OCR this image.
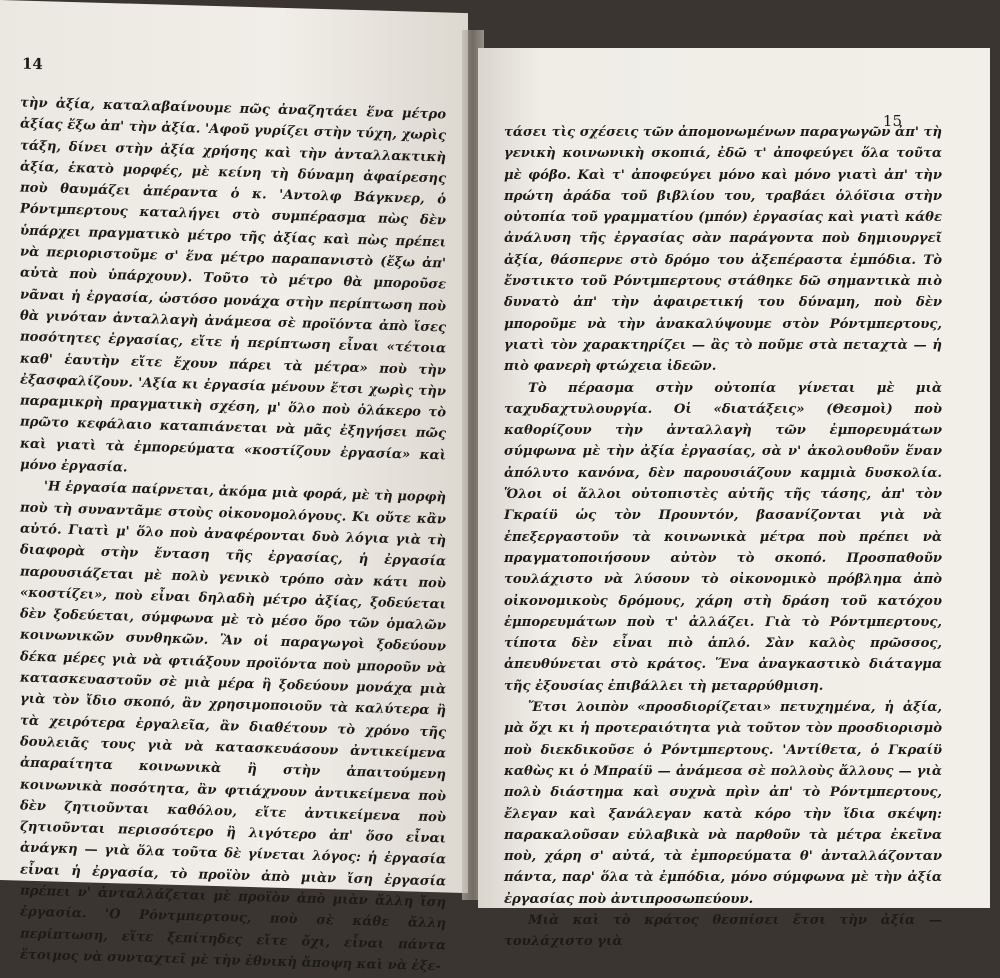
14

τὴν ἀξία, καταλαβαίνουμε πῶς ἀναζητάει ἕνα μέτρο ἀξίας ἔξω ἀπ' τὴν ἀξία. 'Αφοῦ γυρίζει στὴν τύχη, χωρὶς τάξη, δίνει στὴν ἀξία χρήσης καὶ τὴν ἀνταλλακτικὴ ἀξία, ἑκατὸ μορφές, μὲ κείνη τὴ δύναμη ἀφαίρεσης ποὺ θαυμάζει ἀπέραντα ὁ κ. 'Αντολφ Βάγκνερ, ὁ Ρόντμπερτους καταλήγει στὸ συμπέρασμα πὼς δὲν ὑπάρχει πραγματικὸ μέτρο τῆς ἀξίας καὶ πὼς πρέπει νὰ περιοριστοῦμε σ' ἕνα μέτρο παραπανιστὸ (ἔξω ἀπ' αὐτὰ ποὺ ὑπάρχουν). Τοῦτο τὸ μέτρο θὰ μποροῦσε νᾶναι ἡ ἐργασία, ὡστόσο μονάχα στὴν περίπτωση ποὺ θὰ γινόταν ἀνταλλαγὴ ἀνάμεσα σὲ προϊόντα ἀπὸ ἴσες ποσότητες ἐργασίας, εἴτε ἡ περίπτωση εἶναι «τέτοια καθ' ἑαυτὴν εἴτε ἔχουν πάρει τὰ μέτρα» ποὺ τὴν ἐξασφαλίζουν. 'Αξία κι ἐργασία μένουν ἔτσι χωρὶς τὴν παραμικρὴ πραγματικὴ σχέση, μ' ὅλο ποὺ ὁλάκερο τὸ πρῶτο κεφάλαιο καταπιάνεται νὰ μᾶς ἐξηγήσει πῶς καὶ γιατὶ τὰ ἐμπορεύματα «κοστίζουν ἐργασία» καὶ μόνο ἐργασία.

'Η ἐργασία παίρνεται, ἀκόμα μιὰ φορά, μὲ τὴ μορφὴ ποὺ τὴ συναντᾶμε στοὺς οἰκονομολόγους. Κι οὔτε κἂν αὐτό. Γιατὶ μ' ὅλο ποὺ ἀναφέρονται δυὸ λόγια γιὰ τὴ διαφορὰ στὴν ἔνταση τῆς ἐργασίας, ἡ ἐργασία παρουσιάζεται μὲ πολὺ γενικὸ τρόπο σὰν κάτι ποὺ «κοστίζει», ποὺ εἶναι δηλαδὴ μέτρο ἀξίας, ξοδεύεται δὲν ξοδεύεται, σύμφωνα μὲ τὸ μέσο ὅρο τῶν ὁμαλῶν κοινωνικῶν συνθηκῶν. Ἂν οἱ παραγωγοὶ ξοδεύουν δέκα μέρες γιὰ νὰ φτιάξουν προϊόντα ποὺ μποροῦν νὰ κατασκευαστοῦν σὲ μιὰ μέρα ἢ ξοδεύουν μονάχα μιὰ γιὰ τὸν ἴδιο σκοπό, ἂν χρησιμοποιοῦν τὰ καλύτερα ἢ τὰ χειρότερα ἐργαλεῖα, ἂν διαθέτουν τὸ χρόνο τῆς δουλειᾶς τους γιὰ νὰ κατασκευάσουν ἀντικείμενα ἀπαραίτητα κοινωνικὰ ἢ στὴν ἀπαιτούμενη κοινωνικὰ ποσότητα, ἂν φτιάχνουν ἀντικείμενα ποὺ δὲν ζητιοῦνται καθόλου, εἴτε ἀντικείμενα ποὺ ζητιοῦνται περισσότερο ἢ λιγότερο ἀπ' ὅσο εἶναι ἀνάγκη — γιὰ ὅλα τοῦτα δὲ γίνεται λόγος: ἡ ἐργασία εἶναι ἡ ἐργασία, τὸ προϊὸν ἀπὸ μιὰν ἴση ἐργασία πρέπει ν' ἀνταλλάζεται μὲ προϊὸν ἀπὸ μιὰν ἄλλη ἴση ἐργασία. 'Ο Ρόντμπερτους, ποὺ σὲ κάθε ἄλλη περίπτωση, εἴτε ξεπίτηδες εἴτε ὄχι, εἶναι πάντα ἕτοιμος νὰ συνταχτεῖ μὲ τὴν ἐθνικὴ ἄποψη καὶ νὰ ἐξε-

15

τάσει τὶς σχέσεις τῶν ἀπομονωμένων παραγωγῶν ἀπ' τὴ γενικὴ κοινωνικὴ σκοπιά, ἐδῶ τ' ἀποφεύγει ὅλα τοῦτα μὲ φόβο. Καὶ τ' ἀποφεύγει μόνο καὶ μόνο γιατὶ ἀπ' τὴν πρώτη ἀράδα τοῦ βιβλίου του, τραβάει ὁλόϊσια στὴν οὐτοπία τοῦ γραμματίου (μπόν) ἐργασίας καὶ γιατὶ κάθε ἀνάλυση τῆς ἐργασίας σὰν παράγοντα ποὺ δημιουργεῖ ἀξία, θάσπερνε στὸ δρόμο του ἀξεπέραστα ἐμπόδια. Τὸ ἔνστικτο τοῦ Ρόντμπερτους στάθηκε δῶ σημαντικὰ πιὸ δυνατὸ ἀπ' τὴν ἀφαιρετική του δύναμη, ποὺ δὲν μποροῦμε νὰ τὴν ἀνακαλύψουμε στὸν Ρόντμπερτους, γιατὶ τὸν χαρακτηρίζει — ἂς τὸ ποῦμε στὰ πεταχτὰ — ἡ πιὸ φανερὴ φτώχεια ἰδεῶν.

Τὸ πέρασμα στὴν οὐτοπία γίνεται μὲ μιὰ ταχυδαχτυλουργία. Οἱ «διατάξεις» (Θεσμοὶ) ποὺ καθορίζουν τὴν ἀνταλλαγὴ τῶν ἐμπορευμάτων σύμφωνα μὲ τὴν ἀξία ἐργασίας, σὰ ν' ἀκολουθοῦν ἕναν ἀπόλυτο κανόνα, δὲν παρουσιάζουν καμμιὰ δυσκολία. Ὅλοι οἱ ἄλλοι οὐτοπιστὲς αὐτῆς τῆς τάσης, ἀπ' τὸν Γκραίϋ ὡς τὸν Προυντόν, βασανίζονται γιὰ νὰ ἐπεξεργαστοῦν τὰ κοινωνικὰ μέτρα ποὺ πρέπει νὰ πραγματοποιήσουν αὐτὸν τὸ σκοπό. Προσπαθοῦν τουλάχιστο νὰ λύσουν τὸ οἰκονομικὸ πρόβλημα ἀπὸ οἰκονομικοὺς δρόμους, χάρη στὴ δράση τοῦ κατόχου ἐμπορευμάτων ποὺ τ' ἀλλάζει. Γιὰ τὸ Ρόντμπερτους, τίποτα δὲν εἶναι πιὸ ἁπλό. Σὰν καλὸς πρῶσσος, ἀπευθύνεται στὸ κράτος. Ἕνα ἀναγκαστικὸ διάταγμα τῆς ἐξουσίας ἐπιβάλλει τὴ μεταρρύθμιση.

Ἔτσι λοιπὸν «προσδιορίζεται» πετυχημένα, ἡ ἀξία, μὰ ὄχι κι ἡ προτεραιότητα γιὰ τοῦτον τὸν προσδιορισμὸ ποὺ διεκδικοῦσε ὁ Ρόντμπερτους. 'Αντίθετα, ὁ Γκραίϋ καθὼς κι ὁ Μπραίϋ — ἀνάμεσα σὲ πολλοὺς ἄλλους — γιὰ πολὺ διάστημα καὶ συχνὰ πρὶν ἀπ' τὸ Ρόντμπερτους, ἔλεγαν καὶ ξανάλεγαν κατὰ κόρο τὴν ἴδια σκέψη: παρακαλοῦσαν εὐλαβικὰ νὰ παρθοῦν τὰ μέτρα ἐκεῖνα ποὺ, χάρη σ' αὐτά, τὰ ἐμπορεύματα θ' ἀνταλλάζονταν πάντα, παρ' ὅλα τὰ ἐμπόδια, μόνο σύμφωνα μὲ τὴν ἀξία ἐργασίας ποὺ ἀντιπροσωπεύουν.

Μιὰ καὶ τὸ κράτος θεσπίσει ἔτσι τὴν ἀξία — τουλάχιστο γιὰ
